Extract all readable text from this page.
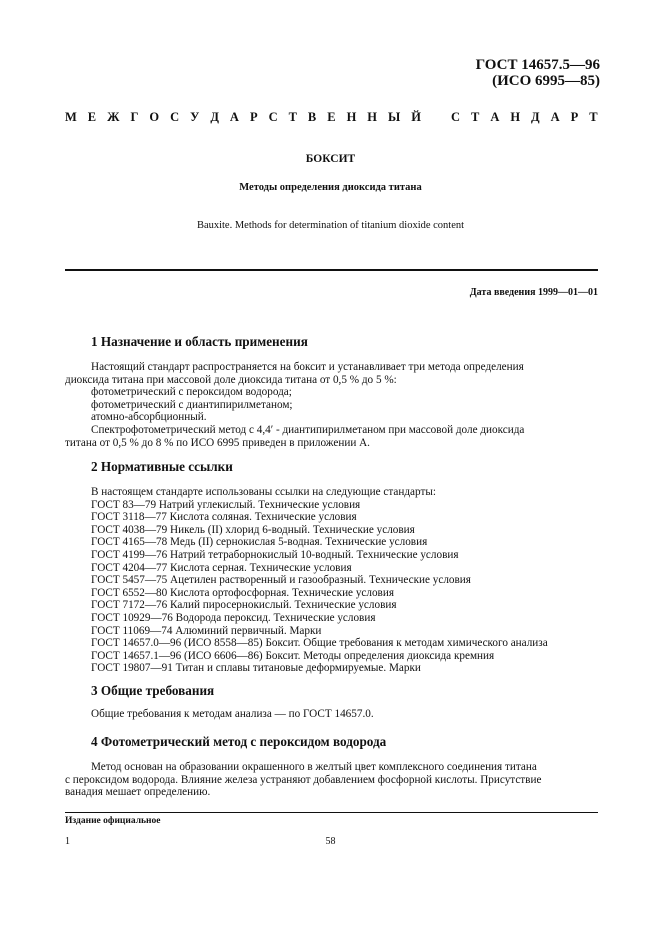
ГОСТ 14657.5—96
(ИСО 6995—85)
М Е Ж Г О С У Д А Р С Т В Е Н Н Ы Й С Т А Н Д А Р Т
БОКСИТ
Методы определения диоксида титана
Bauxite. Methods for determination of titanium dioxide content
Дата введения 1999—01—01
1 Назначение и область применения
Настоящий стандарт распространяется на боксит и устанавливает три метода определения
диоксида титана при массовой доле диоксида титана от 0,5 % до 5 %:
фотометрический с пероксидом водорода;
фотометрический с диантипирилметаном;
атомно-абсорбционный.
Спектрофотометрический метод с 4,4′ - диантипирилметаном при массовой доле диоксида
титана от 0,5 % до 8 % по ИСО 6995 приведен в приложении А.
2 Нормативные ссылки
В настоящем стандарте использованы ссылки на следующие стандарты:
ГОСТ 83—79 Натрий углекислый. Технические условия
ГОСТ 3118—77 Кислота соляная. Технические условия
ГОСТ 4038—79 Никель (II) хлорид 6-водный. Технические условия
ГОСТ 4165—78 Медь (II) сернокислая 5-водная. Технические условия
ГОСТ 4199—76 Натрий тетраборнокислый 10-водный. Технические условия
ГОСТ 4204—77 Кислота серная. Технические условия
ГОСТ 5457—75 Ацетилен растворенный и газообразный. Технические условия
ГОСТ 6552—80 Кислота ортофосфорная. Технические условия
ГОСТ 7172—76 Калий пиросернокислый. Технические условия
ГОСТ 10929—76 Водорода пероксид. Технические условия
ГОСТ 11069—74 Алюминий первичный. Марки
ГОСТ 14657.0—96 (ИСО 8558—85) Боксит. Общие требования к методам химического анализа
ГОСТ 14657.1—96 (ИСО 6606—86) Боксит. Методы определения диоксида кремния
ГОСТ 19807—91 Титан и сплавы титановые деформируемые. Марки
3 Общие требования
Общие требования к методам анализа — по ГОСТ 14657.0.
4 Фотометрический метод с пероксидом водорода
Метод основан на образовании окрашенного в желтый цвет комплексного соединения титана
с пероксидом водорода. Влияние железа устраняют добавлением фосфорной кислоты. Присутствие
ванадия мешает определению.
Издание официальное
1	58
